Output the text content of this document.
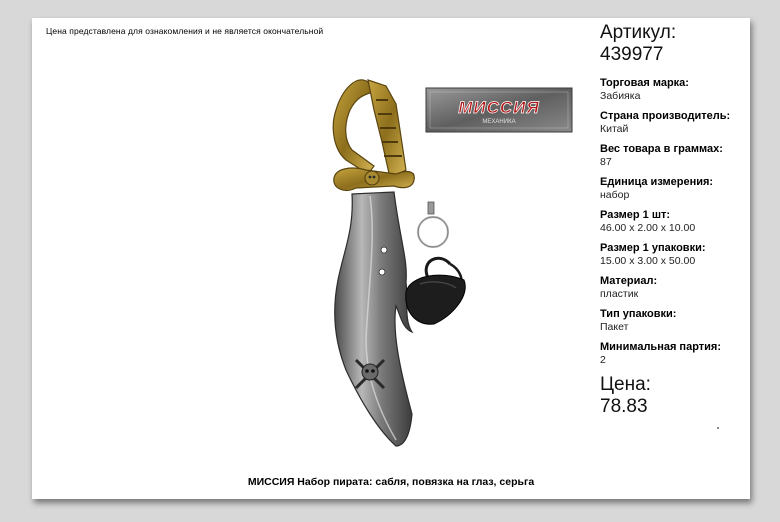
Цена представлена для ознакомления и не является окончательной
МИССИЯ
МЕХАНИКА
Артикул:
439977
Торговая марка:
Забияка
Страна производитель:
Китай
Вес товара в граммах:
87
Единица измерения:
набор
Размер 1 шт:
46.00 x 2.00 x 10.00
Размер 1 упаковки:
15.00 x 3.00 x 50.00
Материал:
пластик
Тип упаковки:
Пакет
Минимальная партия:
2
Цена:
78.83
МИССИЯ Набор пирата: сабля, повязка на глаз, серьга
